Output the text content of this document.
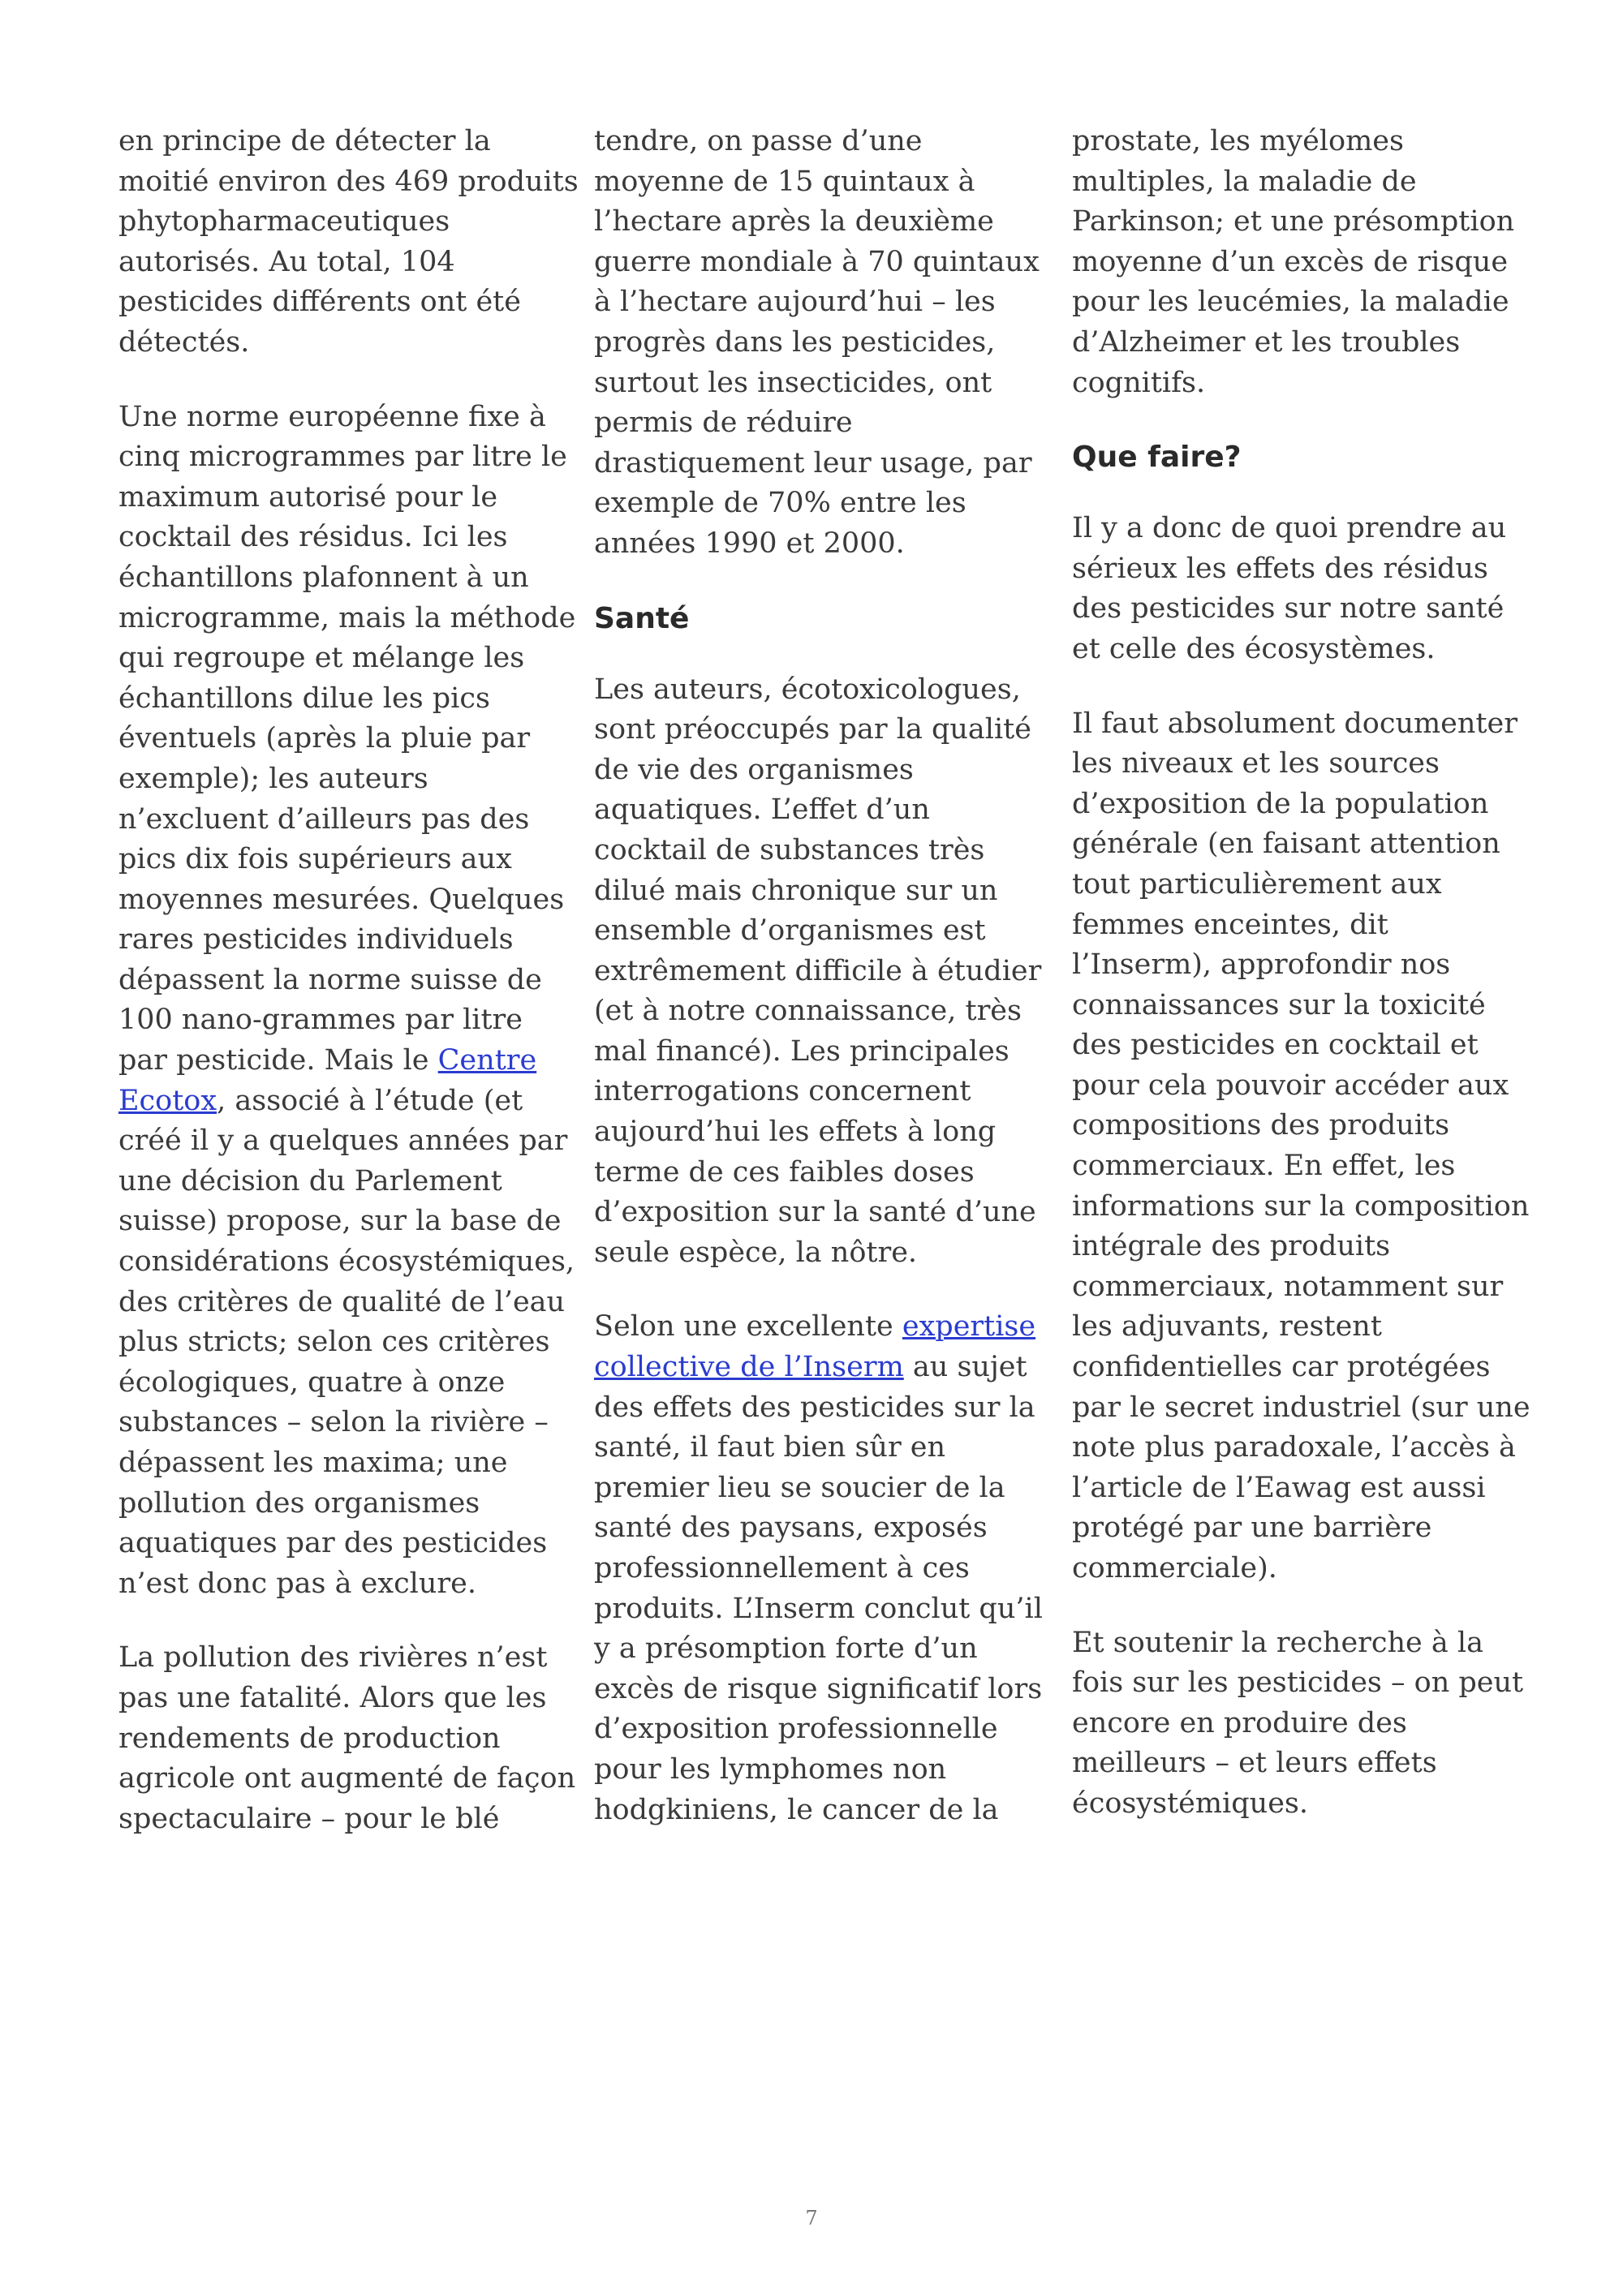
en principe de détecter la
moitié environ des 469 produits
phytopharmaceutiques
autorisés. Au total, 104
pesticides différents ont été
détectés.

Une norme européenne fixe à
cinq microgrammes par litre le
maximum autorisé pour le
cocktail des résidus. Ici les
échantillons plafonnent à un
microgramme, mais la méthode
qui regroupe et mélange les
échantillons dilue les pics
éventuels (après la pluie par
exemple); les auteurs
n’excluent d’ailleurs pas des
pics dix fois supérieurs aux
moyennes mesurées. Quelques
rares pesticides individuels
dépassent la norme suisse de
100 nano-grammes par litre
par pesticide. Mais le Centre
Ecotox, associé à l’étude (et
créé il y a quelques années par
une décision du Parlement
suisse) propose, sur la base de
considérations écosystémiques,
des critères de qualité de l’eau
plus stricts; selon ces critères
écologiques, quatre à onze
substances – selon la rivière –
dépassent les maxima; une
pollution des organismes
aquatiques par des pesticides
n’est donc pas à exclure.

La pollution des rivières n’est
pas une fatalité. Alors que les
rendements de production
agricole ont augmenté de façon
spectaculaire – pour le blé

tendre, on passe d’une
moyenne de 15 quintaux à
l’hectare après la deuxième
guerre mondiale à 70 quintaux
à l’hectare aujourd’hui – les
progrès dans les pesticides,
surtout les insecticides, ont
permis de réduire
drastiquement leur usage, par
exemple de 70% entre les
années 1990 et 2000.

Santé

Les auteurs, écotoxicologues,
sont préoccupés par la qualité
de vie des organismes
aquatiques. L’effet d’un
cocktail de substances très
dilué mais chronique sur un
ensemble d’organismes est
extrêmement difficile à étudier
(et à notre connaissance, très
mal financé). Les principales
interrogations concernent
aujourd’hui les effets à long
terme de ces faibles doses
d’exposition sur la santé d’une
seule espèce, la nôtre.

Selon une excellente expertise
collective de l’Inserm au sujet
des effets des pesticides sur la
santé, il faut bien sûr en
premier lieu se soucier de la
santé des paysans, exposés
professionnellement à ces
produits. L’Inserm conclut qu’il
y a présomption forte d’un
excès de risque significatif lors
d’exposition professionnelle
pour les lymphomes non
hodgkiniens, le cancer de la

prostate, les myélomes
multiples, la maladie de
Parkinson; et une présomption
moyenne d’un excès de risque
pour les leucémies, la maladie
d’Alzheimer et les troubles
cognitifs.

Que faire?

Il y a donc de quoi prendre au
sérieux les effets des résidus
des pesticides sur notre santé
et celle des écosystèmes.

Il faut absolument documenter
les niveaux et les sources
d’exposition de la population
générale (en faisant attention
tout particulièrement aux
femmes enceintes, dit
l’Inserm), approfondir nos
connaissances sur la toxicité
des pesticides en cocktail et
pour cela pouvoir accéder aux
compositions des produits
commerciaux. En effet, les
informations sur la composition
intégrale des produits
commerciaux, notamment sur
les adjuvants, restent
confidentielles car protégées
par le secret industriel (sur une
note plus paradoxale, l’accès à
l’article de l’Eawag est aussi
protégé par une barrière
commerciale).

Et soutenir la recherche à la
fois sur les pesticides – on peut
encore en produire des
meilleurs – et leurs effets
écosystémiques.

7
